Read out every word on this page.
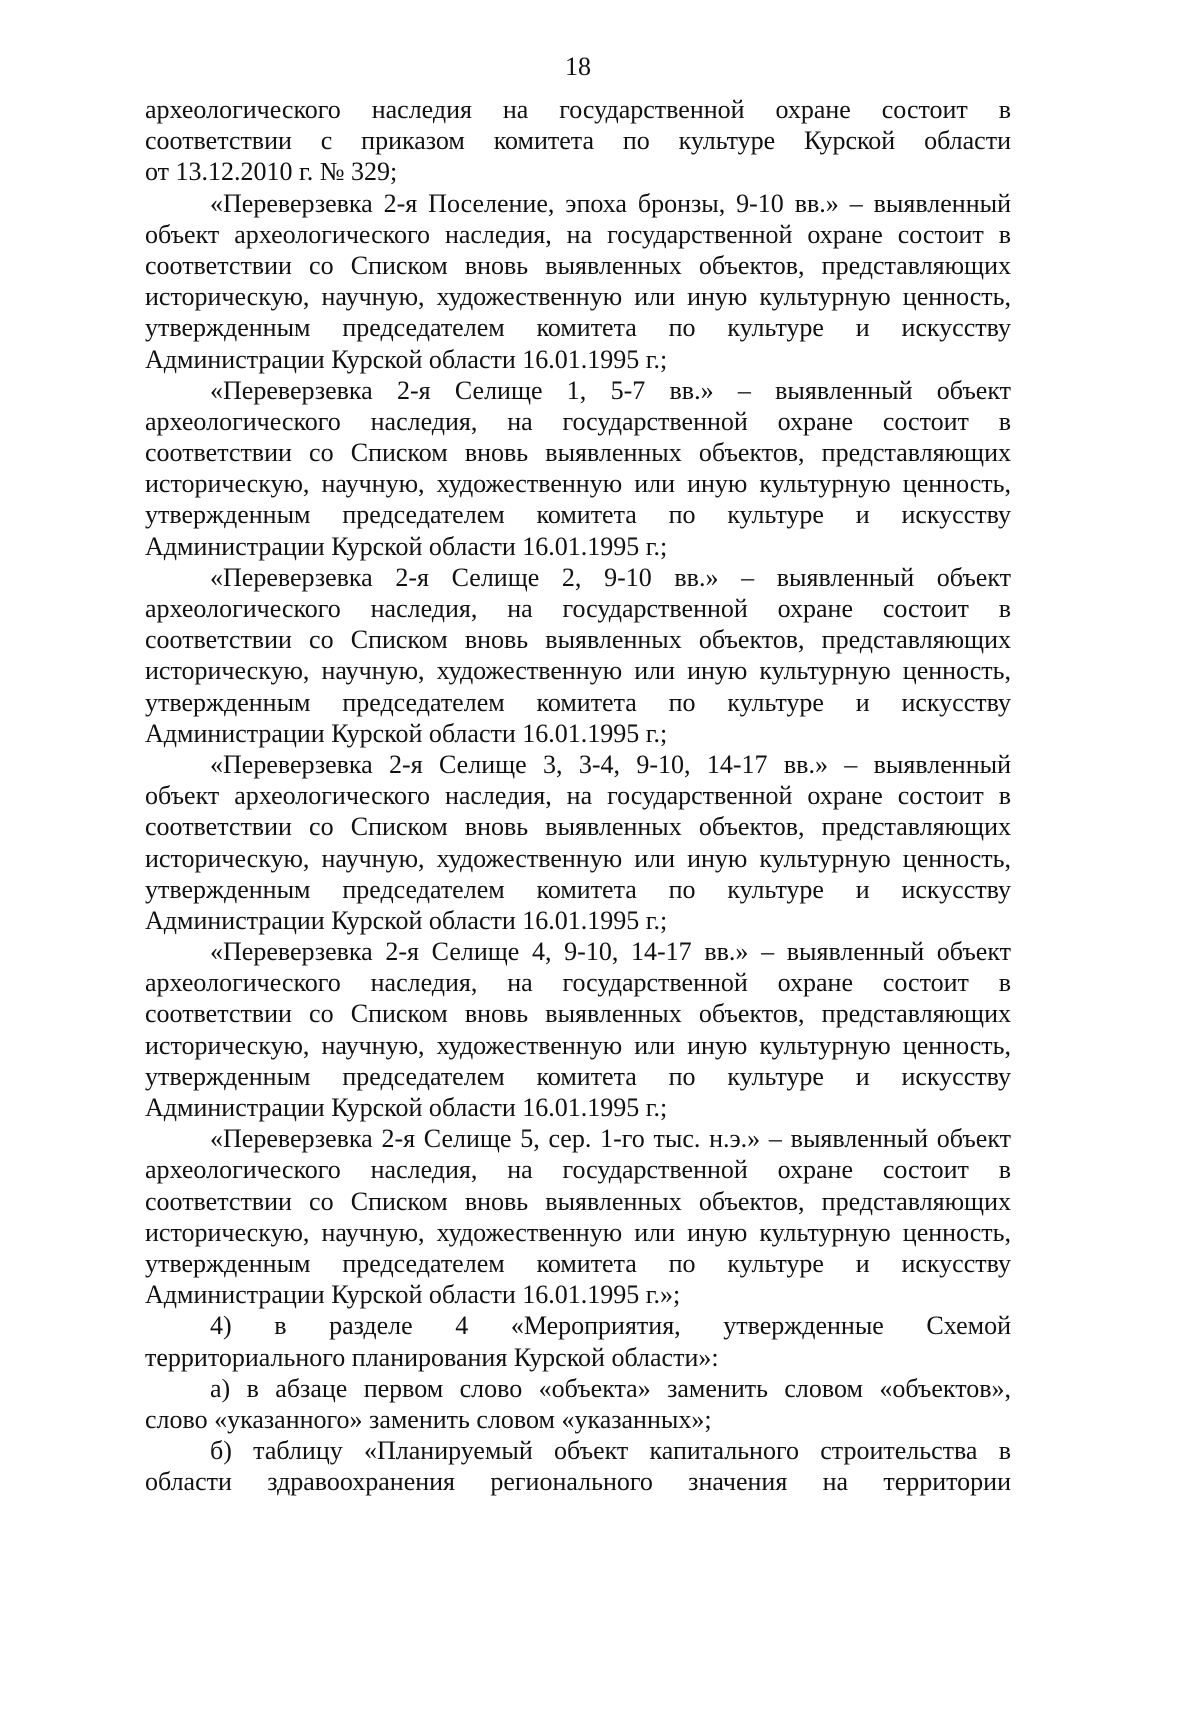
18
археологического наследия на государственной охране состоит в
соответствии с приказом комитета по культуре Курской области
от 13.12.2010 г. № 329;
«Переверзевка 2-я Поселение, эпоха бронзы, 9-10 вв.» – выявленный
объект археологического наследия, на государственной охране состоит в
соответствии со Списком вновь выявленных объектов, представляющих
историческую, научную, художественную или иную культурную ценность,
утвержденным председателем комитета по культуре и искусству
Администрации Курской области 16.01.1995 г.;
«Переверзевка 2-я Селище 1, 5-7 вв.» – выявленный объект
археологического наследия, на государственной охране состоит в
соответствии со Списком вновь выявленных объектов, представляющих
историческую, научную, художественную или иную культурную ценность,
утвержденным председателем комитета по культуре и искусству
Администрации Курской области 16.01.1995 г.;
«Переверзевка 2-я Селище 2, 9-10 вв.» – выявленный объект
археологического наследия, на государственной охране состоит в
соответствии со Списком вновь выявленных объектов, представляющих
историческую, научную, художественную или иную культурную ценность,
утвержденным председателем комитета по культуре и искусству
Администрации Курской области 16.01.1995 г.;
«Переверзевка 2-я Селище 3, 3-4, 9-10, 14-17 вв.» – выявленный
объект археологического наследия, на государственной охране состоит в
соответствии со Списком вновь выявленных объектов, представляющих
историческую, научную, художественную или иную культурную ценность,
утвержденным председателем комитета по культуре и искусству
Администрации Курской области 16.01.1995 г.;
«Переверзевка 2-я Селище 4, 9-10, 14-17 вв.» – выявленный объект
археологического наследия, на государственной охране состоит в
соответствии со Списком вновь выявленных объектов, представляющих
историческую, научную, художественную или иную культурную ценность,
утвержденным председателем комитета по культуре и искусству
Администрации Курской области 16.01.1995 г.;
«Переверзевка 2-я Селище 5, сер. 1-го тыс. н.э.» – выявленный объект
археологического наследия, на государственной охране состоит в
соответствии со Списком вновь выявленных объектов, представляющих
историческую, научную, художественную или иную культурную ценность,
утвержденным председателем комитета по культуре и искусству
Администрации Курской области 16.01.1995 г.»;
4) в разделе 4 «Мероприятия, утвержденные Схемой
территориального планирования Курской области»:
а) в абзаце первом слово «объекта» заменить словом «объектов»,
слово «указанного» заменить словом «указанных»;
б) таблицу «Планируемый объект капитального строительства в
области здравоохранения регионального значения на территории
